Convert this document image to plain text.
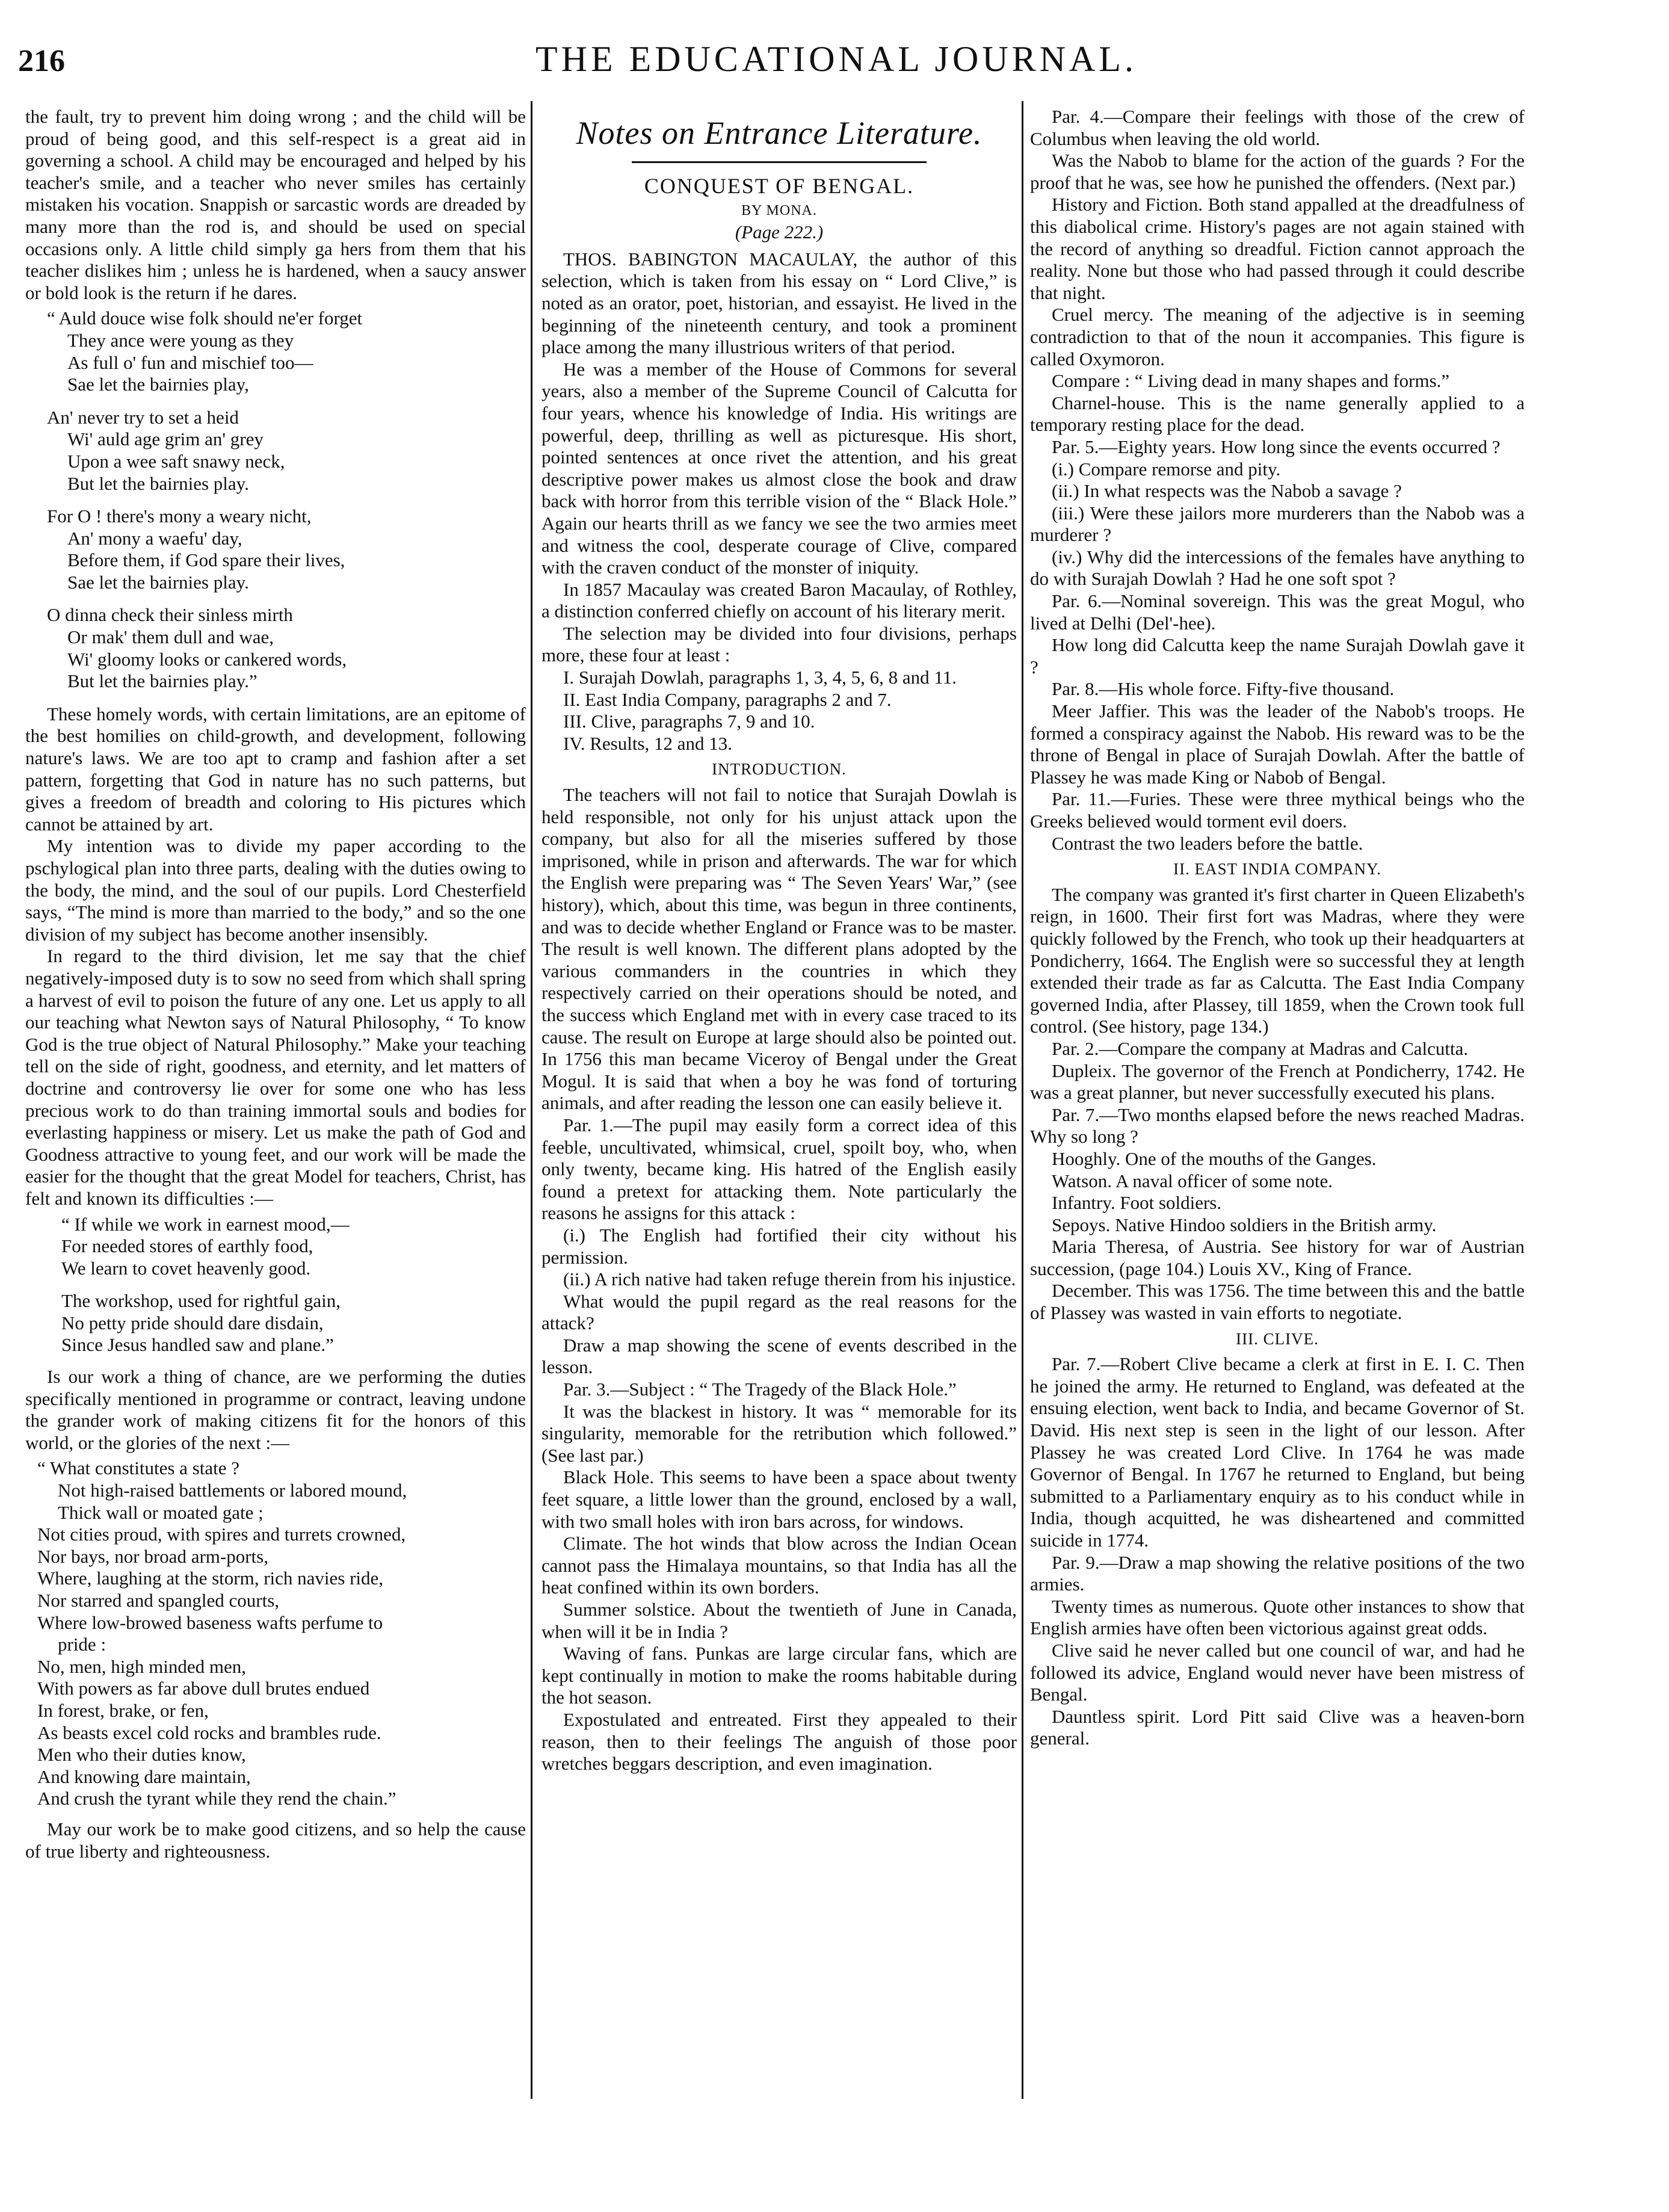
216	THE EDUCATIONAL JOURNAL.

the fault, try to prevent him doing wrong ; and the child will be proud of being good, and this self-respect is a great aid in governing a school. A child may be encouraged and helped by his teacher's smile, and a teacher who never smiles has certainly mistaken his vocation. Snappish or sarcastic words are dreaded by many more than the rod is, and should be used on special occasions only. A little child simply ga hers from them that his teacher dislikes him ; unless he is hardened, when a saucy answer or bold look is the return if he dares.

“ Auld douce wise folk should ne'er forget
They ance were young as they
As full o' fun and mischief too—
Sae let the bairnies play,
An' never try to set a heid
Wi' auld age grim an' grey
Upon a wee saft snawy neck,
But let the bairnies play.
For O ! there's mony a weary nicht,
An' mony a waefu' day,
Before them, if God spare their lives,
Sae let the bairnies play.
O dinna check their sinless mirth
Or mak' them dull and wae,
Wi' gloomy looks or cankered words,
But let the bairnies play.”

These homely words, with certain limitations, are an epitome of the best homilies on child-growth, and development, following nature's laws. We are too apt to cramp and fashion after a set pattern, forgetting that God in nature has no such patterns, but gives a freedom of breadth and coloring to His pictures which cannot be attained by art.

My intention was to divide my paper according to the pschylogical plan into three parts, dealing with the duties owing to the body, the mind, and the soul of our pupils. Lord Chesterfield says, “The mind is more than married to the body,” and so the one division of my subject has become another insensibly.

In regard to the third division, let me say that the chief negatively-imposed duty is to sow no seed from which shall spring a harvest of evil to poison the future of any one. Let us apply to all our teaching what Newton says of Natural Philosophy, “ To know God is the true object of Natural Philosophy.” Make your teaching tell on the side of right, goodness, and eternity, and let matters of doctrine and controversy lie over for some one who has less precious work to do than training immortal souls and bodies for everlasting happiness or misery. Let us make the path of God and Goodness attractive to young feet, and our work will be made the easier for the thought that the great Model for teachers, Christ, has felt and known its difficulties :—

“ If while we work in earnest mood,—
For needed stores of earthly food,
We learn to covet heavenly good.
The workshop, used for rightful gain,
No petty pride should dare disdain,
Since Jesus handled saw and plane.”

Is our work a thing of chance, are we performing the duties specifically mentioned in programme or contract, leaving undone the grander work of making citizens fit for the honors of this world, or the glories of the next :—

“ What constitutes a state ?
Not high-raised battlements or labored mound,
Thick wall or moated gate ;
Not cities proud, with spires and turrets crowned,
Nor bays, nor broad arm-ports,
Where, laughing at the storm, rich navies ride,
Nor starred and spangled courts,
Where low-browed baseness wafts perfume to
pride :
No, men, high minded men,
With powers as far above dull brutes endued
In forest, brake, or fen,
As beasts excel cold rocks and brambles rude.
Men who their duties know,
And knowing dare maintain,
And crush the tyrant while they rend the chain.”

May our work be to make good citizens, and so help the cause of true liberty and righteousness.

Notes on Entrance Literature.
CONQUEST OF BENGAL.
BY MONA.
(Page 222.)

THOS. BABINGTON MACAULAY, the author of this selection, which is taken from his essay on “ Lord Clive,” is noted as an orator, poet, historian, and essayist. He lived in the beginning of the nineteenth century, and took a prominent place among the many illustrious writers of that period.

He was a member of the House of Commons for several years, also a member of the Supreme Council of Calcutta for four years, whence his knowledge of India. His writings are powerful, deep, thrilling as well as picturesque. His short, pointed sentences at once rivet the attention, and his great descriptive power makes us almost close the book and draw back with horror from this terrible vision of the “ Black Hole.” Again our hearts thrill as we fancy we see the two armies meet and witness the cool, desperate courage of Clive, compared with the craven conduct of the monster of iniquity.

In 1857 Macaulay was created Baron Macaulay, of Rothley, a distinction conferred chiefly on account of his literary merit.

The selection may be divided into four divisions, perhaps more, these four at least :

I. Surajah Dowlah, paragraphs 1, 3, 4, 5, 6, 8 and 11.

II. East India Company, paragraphs 2 and 7.

III. Clive, paragraphs 7, 9 and 10.

IV. Results, 12 and 13.

INTRODUCTION.

The teachers will not fail to notice that Surajah Dowlah is held responsible, not only for his unjust attack upon the company, but also for all the miseries suffered by those imprisoned, while in prison and afterwards. The war for which the English were preparing was “ The Seven Years' War,” (see history), which, about this time, was begun in three continents, and was to decide whether England or France was to be master. The result is well known. The different plans adopted by the various commanders in the countries in which they respectively carried on their operations should be noted, and the success which England met with in every case traced to its cause. The result on Europe at large should also be pointed out. In 1756 this man became Viceroy of Bengal under the Great Mogul. It is said that when a boy he was fond of torturing animals, and after reading the lesson one can easily believe it.

Par. 1.—The pupil may easily form a correct idea of this feeble, uncultivated, whimsical, cruel, spoilt boy, who, when only twenty, became king. His hatred of the English easily found a pretext for attacking them. Note particularly the reasons he assigns for this attack :

(i.) The English had fortified their city without his permission.

(ii.) A rich native had taken refuge therein from his injustice.

What would the pupil regard as the real reasons for the attack?

Draw a map showing the scene of events described in the lesson.

Par. 3.—Subject : “ The Tragedy of the Black Hole.”

It was the blackest in history. It was “ memorable for its singularity, memorable for the retribution which followed.” (See last par.)

Black Hole. This seems to have been a space about twenty feet square, a little lower than the ground, enclosed by a wall, with two small holes with iron bars across, for windows.

Climate. The hot winds that blow across the Indian Ocean cannot pass the Himalaya mountains, so that India has all the heat confined within its own borders.

Summer solstice. About the twentieth of June in Canada, when will it be in India ?

Waving of fans. Punkas are large circular fans, which are kept continually in motion to make the rooms habitable during the hot season.

Expostulated and entreated. First they appealed to their reason, then to their feelings The anguish of those poor wretches beggars description, and even imagination.

Par. 4.—Compare their feelings with those of the crew of Columbus when leaving the old world.

Was the Nabob to blame for the action of the guards ? For the proof that he was, see how he punished the offenders. (Next par.)

History and Fiction. Both stand appalled at the dreadfulness of this diabolical crime. History's pages are not again stained with the record of anything so dreadful. Fiction cannot approach the reality. None but those who had passed through it could describe that night.

Cruel mercy. The meaning of the adjective is in seeming contradiction to that of the noun it accompanies. This figure is called Oxymoron.

Compare : “ Living dead in many shapes and forms.”

Charnel-house. This is the name generally applied to a temporary resting place for the dead.

Par. 5.—Eighty years. How long since the events occurred ?

(i.) Compare remorse and pity.

(ii.) In what respects was the Nabob a savage ?

(iii.) Were these jailors more murderers than the Nabob was a murderer ?

(iv.) Why did the intercessions of the females have anything to do with Surajah Dowlah ? Had he one soft spot ?

Par. 6.—Nominal sovereign. This was the great Mogul, who lived at Delhi (Del'-hee).

How long did Calcutta keep the name Surajah Dowlah gave it ?

Par. 8.—His whole force. Fifty-five thousand.

Meer Jaffier. This was the leader of the Nabob's troops. He formed a conspiracy against the Nabob. His reward was to be the throne of Bengal in place of Surajah Dowlah. After the battle of Plassey he was made King or Nabob of Bengal.

Par. 11.—Furies. These were three mythical beings who the Greeks believed would torment evil doers.

Contrast the two leaders before the battle.

II. EAST INDIA COMPANY.

The company was granted it's first charter in Queen Elizabeth's reign, in 1600. Their first fort was Madras, where they were quickly followed by the French, who took up their headquarters at Pondicherry, 1664. The English were so successful they at length extended their trade as far as Calcutta. The East India Company governed India, after Plassey, till 1859, when the Crown took full control. (See history, page 134.)

Par. 2.—Compare the company at Madras and Calcutta.

Dupleix. The governor of the French at Pondicherry, 1742. He was a great planner, but never successfully executed his plans.

Par. 7.—Two months elapsed before the news reached Madras. Why so long ?

Hooghly. One of the mouths of the Ganges.

Watson. A naval officer of some note.

Infantry. Foot soldiers.

Sepoys. Native Hindoo soldiers in the British army.

Maria Theresa, of Austria. See history for war of Austrian succession, (page 104.) Louis XV., King of France.

December. This was 1756. The time between this and the battle of Plassey was wasted in vain efforts to negotiate.

III. CLIVE.

Par. 7.—Robert Clive became a clerk at first in E. I. C. Then he joined the army. He returned to England, was defeated at the ensuing election, went back to India, and became Governor of St. David. His next step is seen in the light of our lesson. After Plassey he was created Lord Clive. In 1764 he was made Governor of Bengal. In 1767 he returned to England, but being submitted to a Parliamentary enquiry as to his conduct while in India, though acquitted, he was disheartened and committed suicide in 1774.

Par. 9.—Draw a map showing the relative positions of the two armies.

Twenty times as numerous. Quote other instances to show that English armies have often been victorious against great odds.

Clive said he never called but one council of war, and had he followed its advice, England would never have been mistress of Bengal.

Dauntless spirit. Lord Pitt said Clive was a heaven-born general.
